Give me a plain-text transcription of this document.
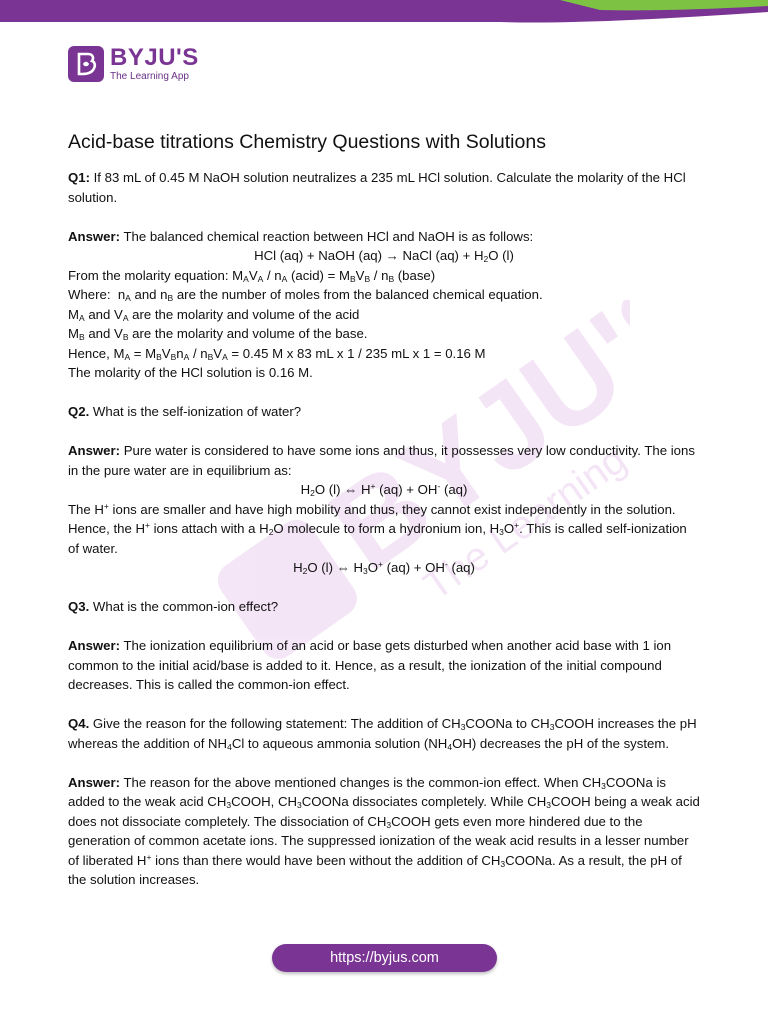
BYJU'S
The Learning App
BYJU'S
The Learning App
Acid-base titrations Chemistry Questions with Solutions

Q1: If 83 mL of 0.45 M NaOH solution neutralizes a 235 mL HCl solution. Calculate the molarity of the HCl solution.

Answer: The balanced chemical reaction between HCl and NaOH is as follows:

HCl (aq) + NaOH (aq) → NaCl $(aq) + H_2O$ (l)

From the molarity equation: $M_AV_A / n_A$ (acid) = $M_BV_B / n_B$ (base)

Where:  $n_A$ and $n_B$ are the number of moles from the balanced chemical equation.

$M_A$ and $V_A$ are the molarity and volume of the acid

$M_B$ and $V_B$ are the molarity and volume of the base.

Hence, $M_A = M_BV_Bn_A / n_BV_A = 0.45$ M x 83 mL x 1 / 235 mL x 1 = 0.16 M

The molarity of the HCl solution is 0.16 M.

Q2. What is the self-ionization of water?

Answer: Pure water is considered to have some ions and thus, it possesses very low conductivity. The ions in the pure water are in equilibrium as:

$H_2O$ (l) ⇔ H+ (aq) + OH- (aq)

The H+ ions are smaller and have high mobility and thus, they cannot exist independently in the solution. Hence, the H+ ions attach with a $H_2O$ molecule to form a hydronium ion, $H_3O^+$. This is called self-ionization of water.

$H_2O$ (l) ⇔ $H_3O^+$ (aq) + OH- (aq)

Q3. What is the common-ion effect?

Answer: The ionization equilibrium of an acid or base gets disturbed when another acid base with 1 ion common to the initial acid/base is added to it. Hence, as a result, the ionization of the initial compound decreases. This is called the common-ion effect.

Q4. Give the reason for the following statement: The addition of $CH_3COONa$ to $CH_3COOH$ increases the pH whereas the addition of $NH_4Cl$ to aqueous ammonia solution $(NH_4OH)$ decreases the pH of the system.

Answer: The reason for the above mentioned changes is the common-ion effect. When $CH_3COONa$ is added to the weak acid $CH_3COOH$, $CH_3COONa$ dissociates completely. While $CH_3COOH$ being a weak acid does not dissociate completely. The dissociation of $CH_3COOH$ gets even more hindered due to the generation of common acetate ions. The suppressed ionization of the weak acid results in a lesser number of liberated H+ ions than there would have been without the addition of $CH_3COONa$. As a result, the pH of the solution increases.

https://byjus.com
